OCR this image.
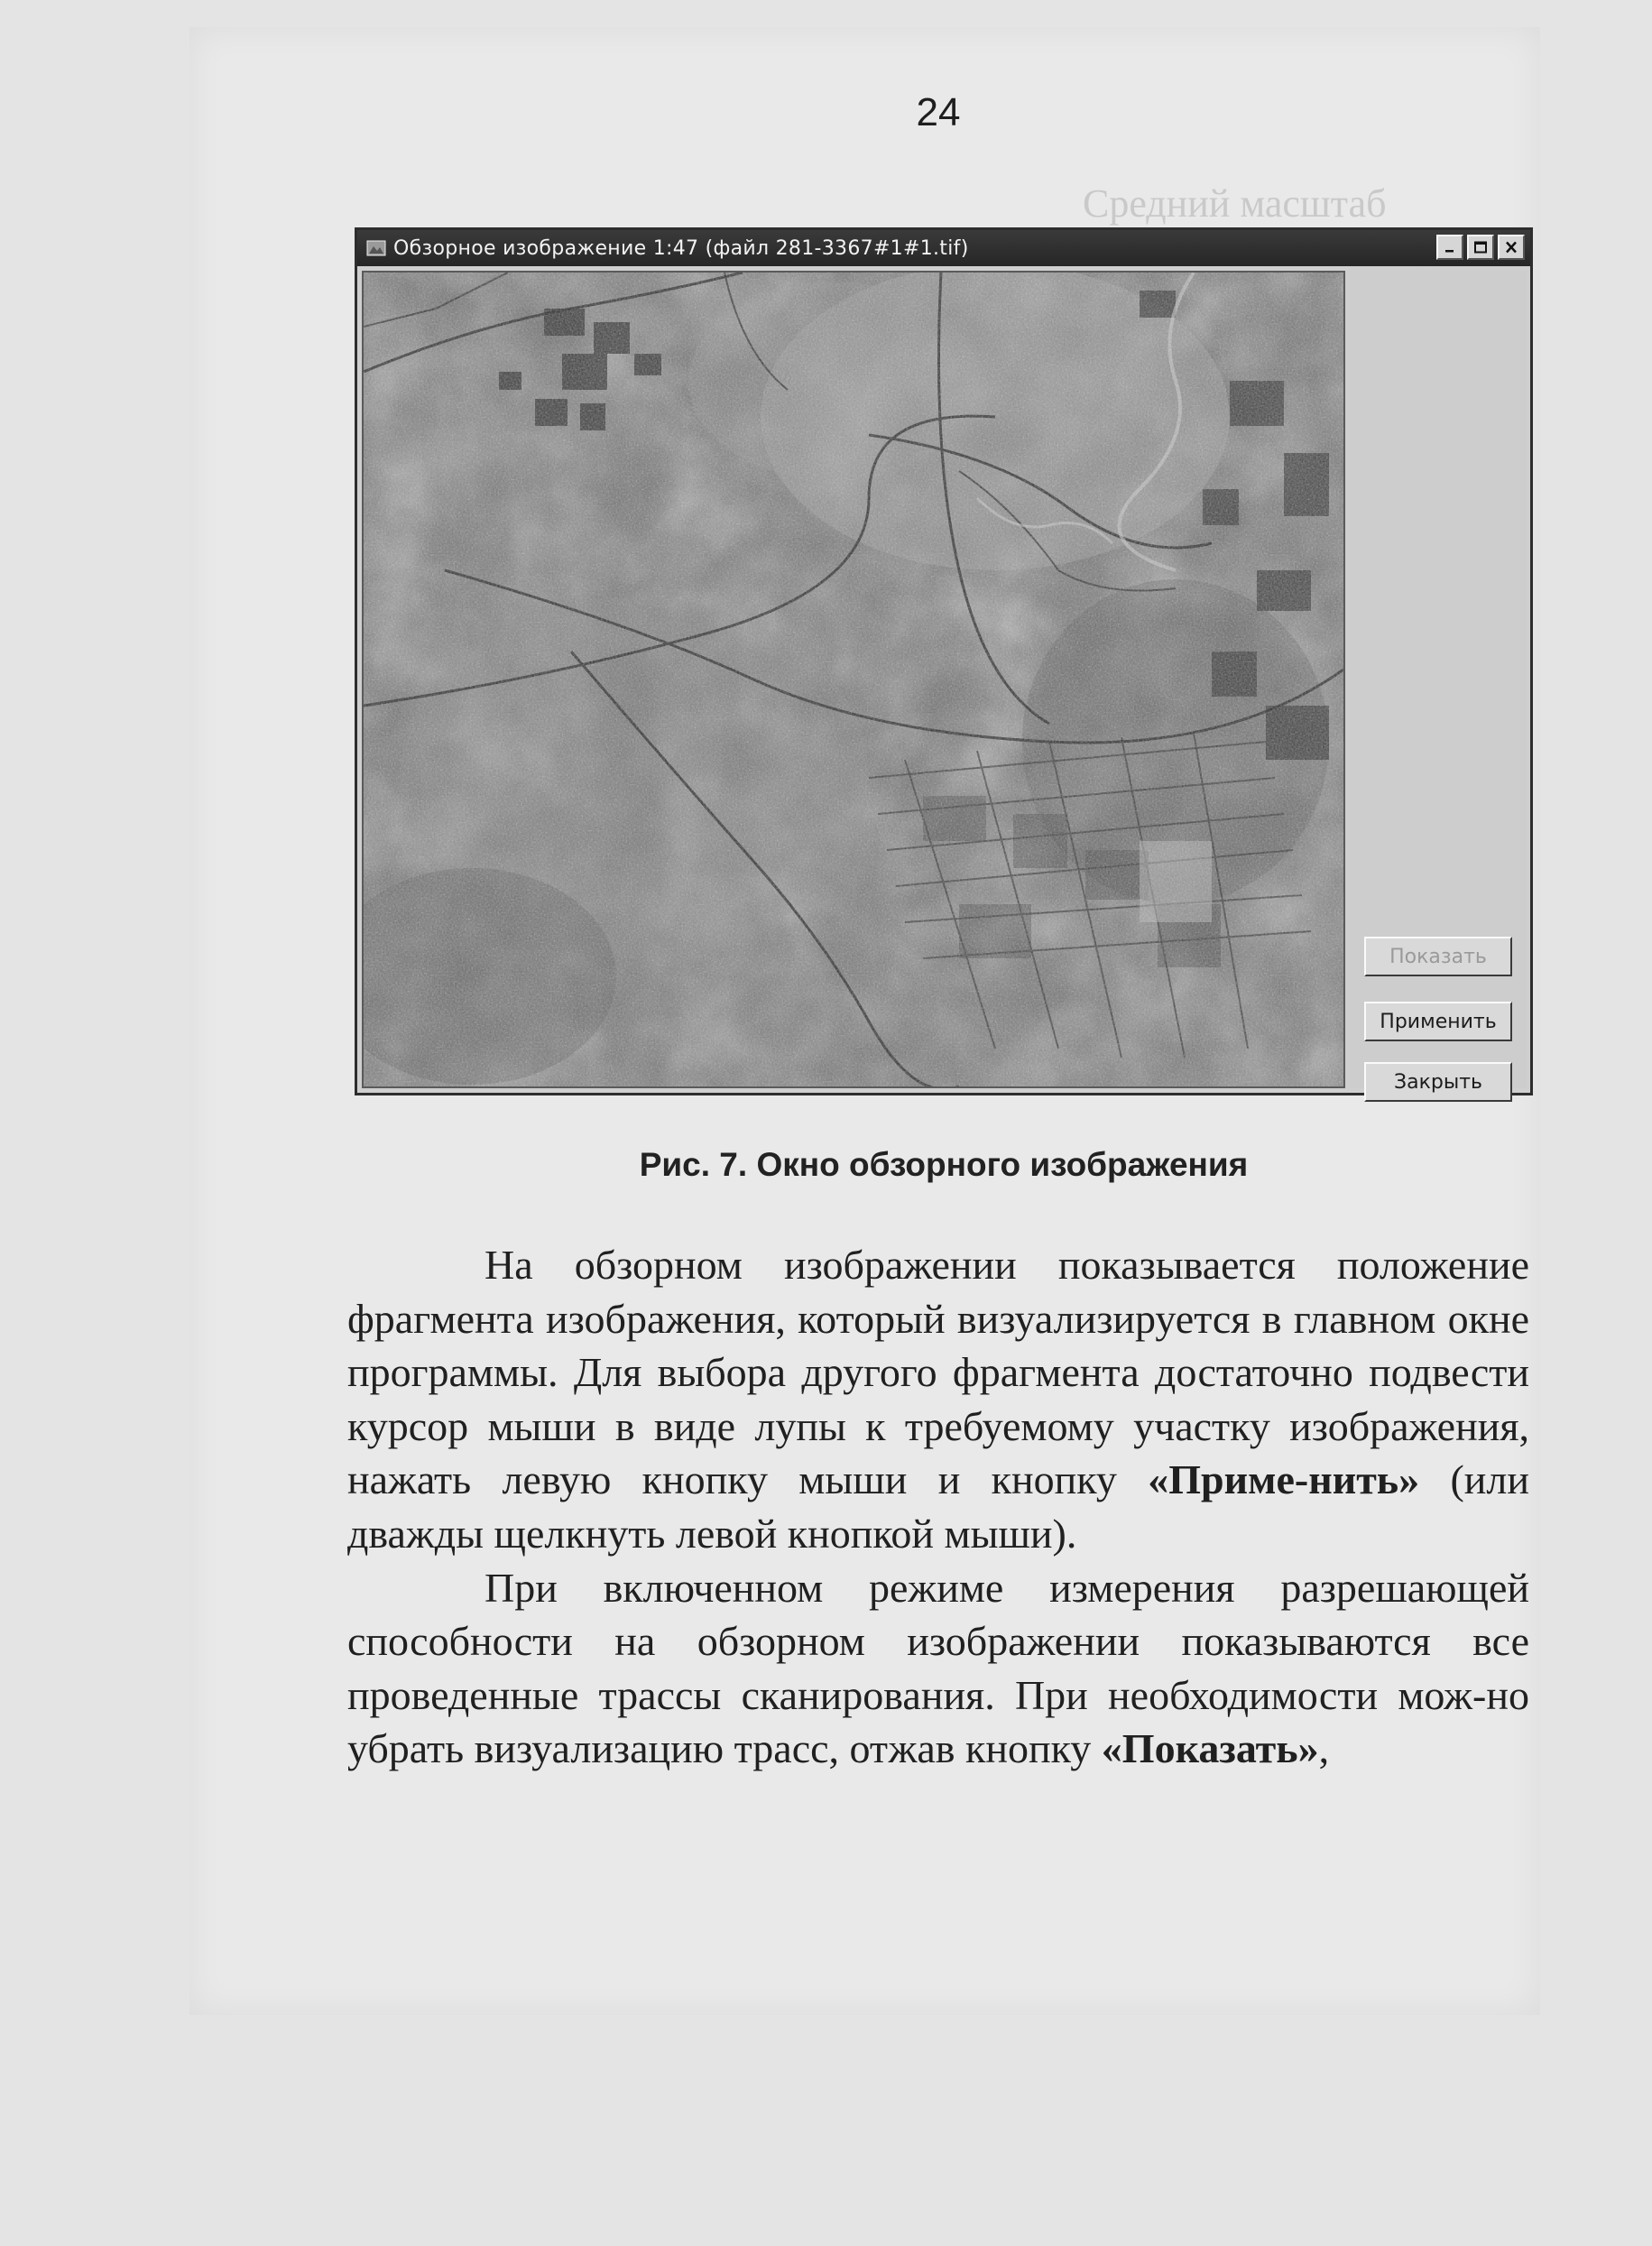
Средний масштаб
24
Обзорное изображение 1:47 (файл 281-3367#1#1.tif)
Показать
Применить
Закрыть
Рис. 7. Окно обзорного изображения

На обзорном изображении показывается положение фрагмента изображения, который визуализируется в главном окне программы. Для выбора другого фрагмента достаточно подвести курсор мыши в виде лупы к требуемому участку изображения, нажать левую кнопку мыши и кнопку «Приме-нить» (или дважды щелкнуть левой кнопкой мыши).

При включенном режиме измерения разрешающей способности на обзорном изображении показываются все проведенные трассы сканирования. При необходимости мож-но убрать визуализацию трасс, отжав кнопку «Показать»,
